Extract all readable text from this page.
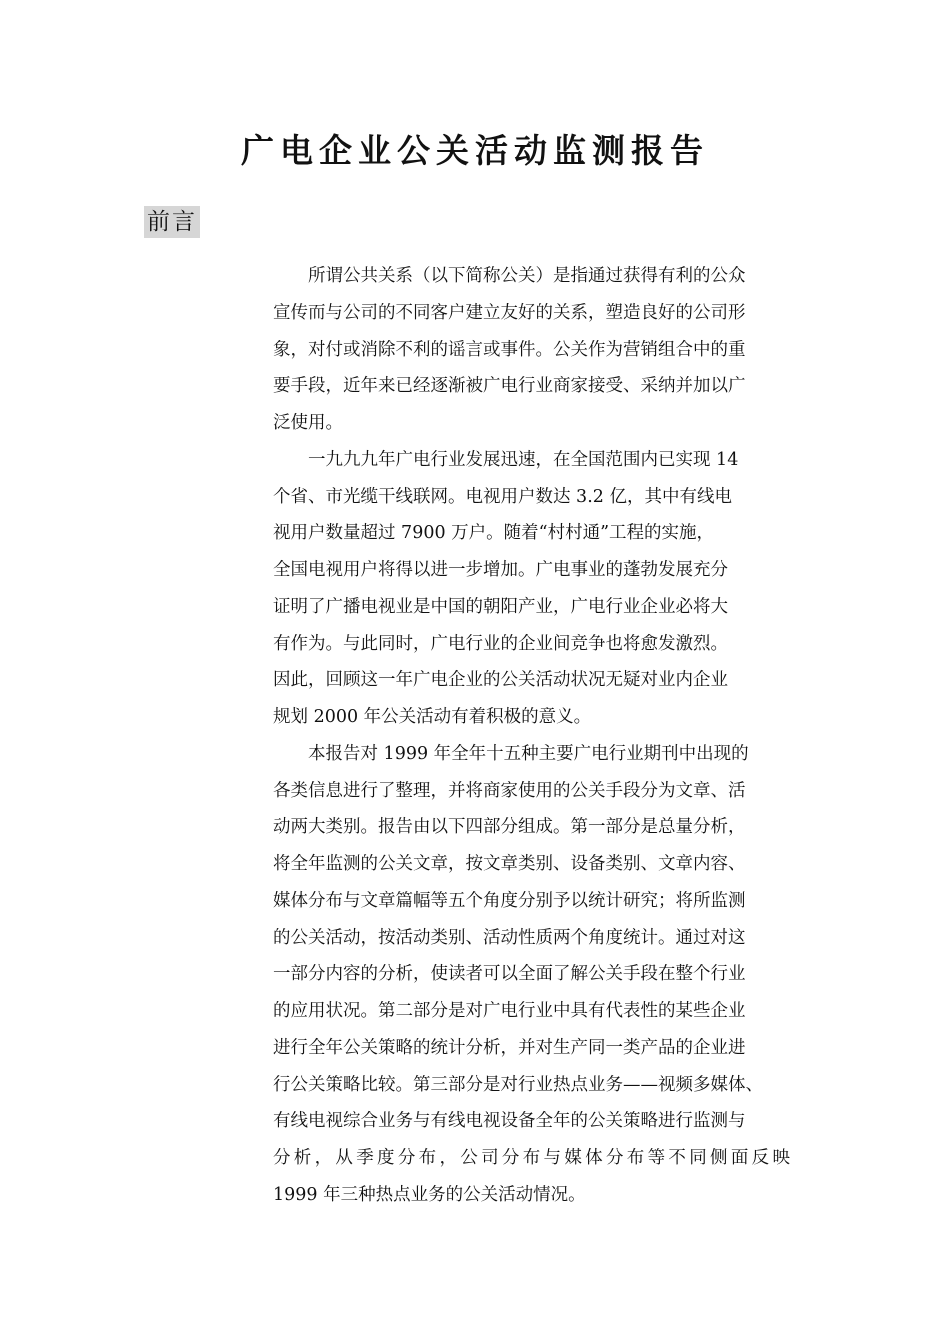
广电企业公关活动监测报告
前言
所谓公共关系（以下简称公关）是指通过获得有利的公众
宣传而与公司的不同客户建立友好的关系，塑造良好的公司形
象，对付或消除不利的谣言或事件。公关作为营销组合中的重
要手段，近年来已经逐渐被广电行业商家接受、采纳并加以广
泛使用。
一九九九年广电行业发展迅速，在全国范围内已实现 14
个省、市光缆干线联网。电视用户数达 3.2 亿，其中有线电
视用户数量超过 7900 万户。随着“村村通”工程的实施，
全国电视用户将得以进一步增加。广电事业的蓬勃发展充分
证明了广播电视业是中国的朝阳产业，广电行业企业必将大
有作为。与此同时，广电行业的企业间竞争也将愈发激烈。
因此，回顾这一年广电企业的公关活动状况无疑对业内企业
规划 2000 年公关活动有着积极的意义。
本报告对 1999 年全年十五种主要广电行业期刊中出现的
各类信息进行了整理，并将商家使用的公关手段分为文章、活
动两大类别。报告由以下四部分组成。第一部分是总量分析，
将全年监测的公关文章，按文章类别、设备类别、文章内容、
媒体分布与文章篇幅等五个角度分别予以统计研究；将所监测
的公关活动，按活动类别、活动性质两个角度统计。通过对这
一部分内容的分析，使读者可以全面了解公关手段在整个行业
的应用状况。第二部分是对广电行业中具有代表性的某些企业
进行全年公关策略的统计分析，并对生产同一类产品的企业进
行公关策略比较。第三部分是对行业热点业务——视频多媒体、
有线电视综合业务与有线电视设备全年的公关策略进行监测与
分析，从季度分布，公司分布与媒体分布等不同侧面反映
1999 年三种热点业务的公关活动情况。
